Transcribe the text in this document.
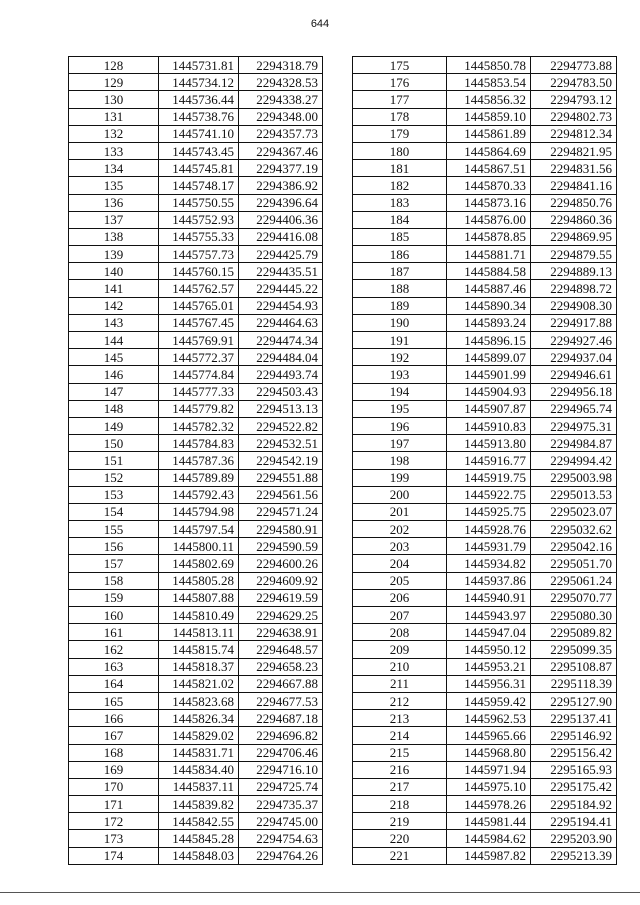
644
128	1445731.81	2294318.79
129	1445734.12	2294328.53
130	1445736.44	2294338.27
131	1445738.76	2294348.00
132	1445741.10	2294357.73
133	1445743.45	2294367.46
134	1445745.81	2294377.19
135	1445748.17	2294386.92
136	1445750.55	2294396.64
137	1445752.93	2294406.36
138	1445755.33	2294416.08
139	1445757.73	2294425.79
140	1445760.15	2294435.51
141	1445762.57	2294445.22
142	1445765.01	2294454.93
143	1445767.45	2294464.63
144	1445769.91	2294474.34
145	1445772.37	2294484.04
146	1445774.84	2294493.74
147	1445777.33	2294503.43
148	1445779.82	2294513.13
149	1445782.32	2294522.82
150	1445784.83	2294532.51
151	1445787.36	2294542.19
152	1445789.89	2294551.88
153	1445792.43	2294561.56
154	1445794.98	2294571.24
155	1445797.54	2294580.91
156	1445800.11	2294590.59
157	1445802.69	2294600.26
158	1445805.28	2294609.92
159	1445807.88	2294619.59
160	1445810.49	2294629.25
161	1445813.11	2294638.91
162	1445815.74	2294648.57
163	1445818.37	2294658.23
164	1445821.02	2294667.88
165	1445823.68	2294677.53
166	1445826.34	2294687.18
167	1445829.02	2294696.82
168	1445831.71	2294706.46
169	1445834.40	2294716.10
170	1445837.11	2294725.74
171	1445839.82	2294735.37
172	1445842.55	2294745.00
173	1445845.28	2294754.63
174	1445848.03	2294764.26
175	1445850.78	2294773.88
176	1445853.54	2294783.50
177	1445856.32	2294793.12
178	1445859.10	2294802.73
179	1445861.89	2294812.34
180	1445864.69	2294821.95
181	1445867.51	2294831.56
182	1445870.33	2294841.16
183	1445873.16	2294850.76
184	1445876.00	2294860.36
185	1445878.85	2294869.95
186	1445881.71	2294879.55
187	1445884.58	2294889.13
188	1445887.46	2294898.72
189	1445890.34	2294908.30
190	1445893.24	2294917.88
191	1445896.15	2294927.46
192	1445899.07	2294937.04
193	1445901.99	2294946.61
194	1445904.93	2294956.18
195	1445907.87	2294965.74
196	1445910.83	2294975.31
197	1445913.80	2294984.87
198	1445916.77	2294994.42
199	1445919.75	2295003.98
200	1445922.75	2295013.53
201	1445925.75	2295023.07
202	1445928.76	2295032.62
203	1445931.79	2295042.16
204	1445934.82	2295051.70
205	1445937.86	2295061.24
206	1445940.91	2295070.77
207	1445943.97	2295080.30
208	1445947.04	2295089.82
209	1445950.12	2295099.35
210	1445953.21	2295108.87
211	1445956.31	2295118.39
212	1445959.42	2295127.90
213	1445962.53	2295137.41
214	1445965.66	2295146.92
215	1445968.80	2295156.42
216	1445971.94	2295165.93
217	1445975.10	2295175.42
218	1445978.26	2295184.92
219	1445981.44	2295194.41
220	1445984.62	2295203.90
221	1445987.82	2295213.39
